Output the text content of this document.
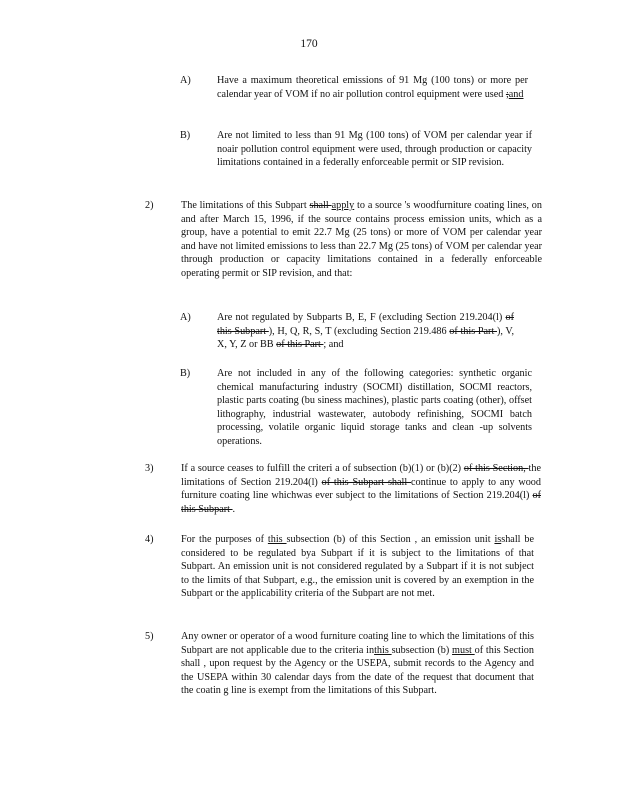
170
A)	Have a maximum theoretical emissions of 91 Mg (100 tons) or more per calendar year of VOM if no air pollution control equipment were used ;and
B)	Are not limited to less than 91 Mg (100 tons) of VOM per calendar year if noair pollution control equipment were used, through production or capacity limitations contained in a federally enforceable permit or SIP revision.
2)	The limitations of this Subpart shall apply to a source 's woodfurniture coating lines, on and after March 15, 1996, if the source contains process emission units, which as a group, have a potential to emit 22.7 Mg (25 tons) or more of VOM per calendar year and have not limited emissions to less than 22.7 Mg (25 tons) of VOM per calendar year through production or capacity limitations contained in a federally enforceable operating permit or SIP revision, and that:
A)	Are not regulated by Subparts B, E, F (excluding Section 219.204(l) of this Subpart ), H, Q, R, S, T (excluding Section 219.486 of this Part ), V, X, Y, Z or BB of this Part ; and
B)	Are not included in any of the following categories: synthetic organic chemical manufacturing industry (SOCMI) distillation, SOCMI reactors, plastic parts coating (bu siness machines), plastic parts coating (other), offset lithography, industrial wastewater, autobody refinishing, SOCMI batch processing, volatile organic liquid storage tanks and clean -up solvents operations.
3)	If a source ceases to fulfill the criteri a of subsection (b)(1) or (b)(2) of this Section, the limitations of Section 219.204(l) of this Subpart shall continue to apply to any wood furniture coating line whichwas ever subject to the limitations of Section 219.204(l) of this Subpart .
4)	For the purposes of this subsection (b) of this Section , an emission unit isshall be considered to be regulated bya Subpart if it is subject to the limitations of that Subpart. An emission unit is not considered regulated by a Subpart if it is not subject to the limits of that Subpart, e.g., the emission unit is covered by an exemption in the Subpart or the applicability criteria of the Subpart are not met.
5)	Any owner or operator of a wood furniture coating line to which the limitations of this Subpart are not applicable due to the criteria inthis subsection (b) must of this Section shall , upon request by the Agency or the USEPA, submit records to the Agency and the USEPA within 30 calendar days from the date of the request that document that the coatin g line is exempt from the limitations of this Subpart.
